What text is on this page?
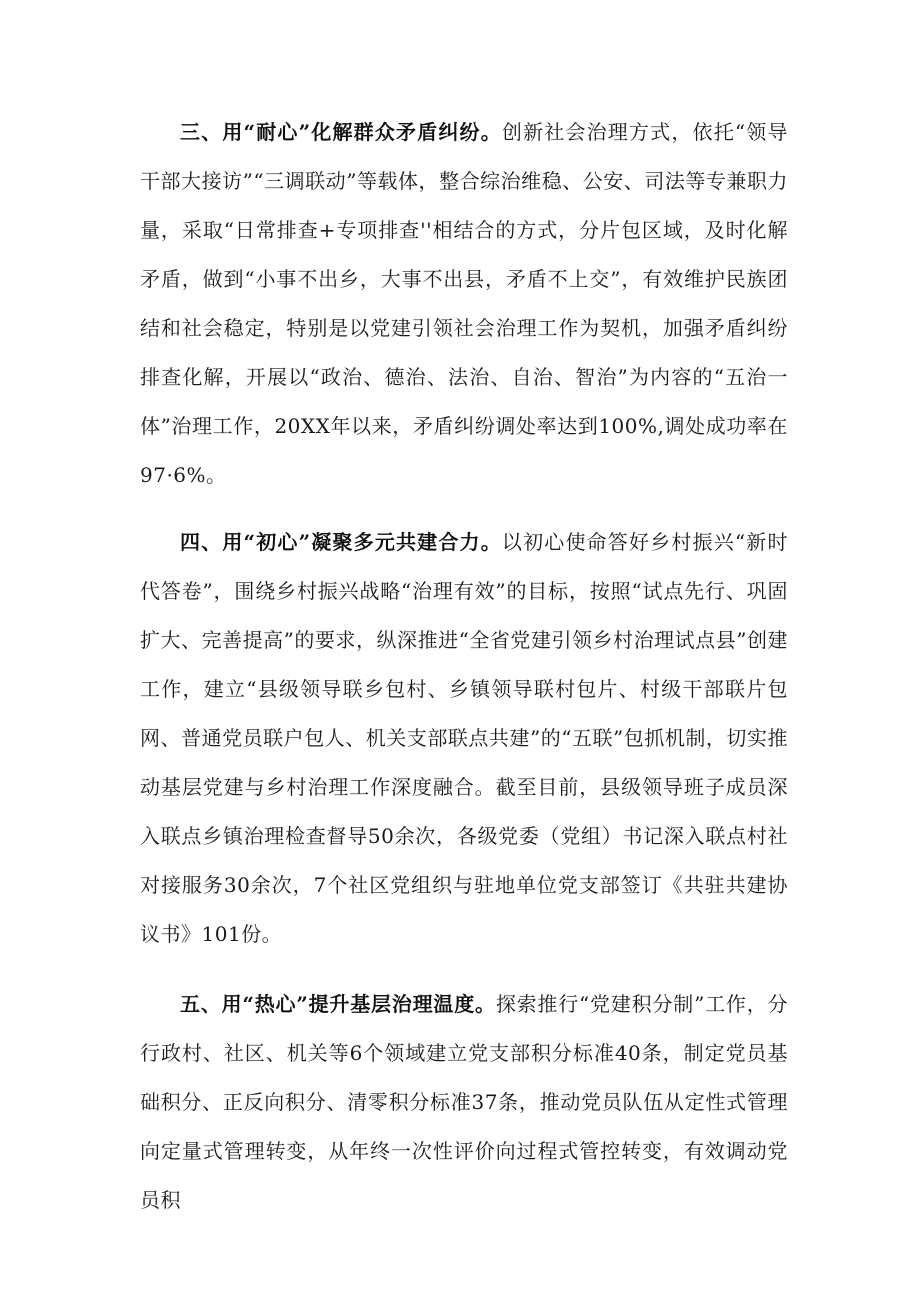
三、用“耐心”化解群众矛盾纠纷。创新社会治理方式，依托“领导干部大接访”“三调联动”等载体，整合综治维稳、公安、司法等专兼职力量，采取“日常排查+专项排查''相结合的方式，分片包区域，及时化解矛盾，做到“小事不出乡，大事不出县，矛盾不上交”，有效维护民族团结和社会稳定，特别是以党建引领社会治理工作为契机，加强矛盾纠纷排查化解，开展以“政治、德治、法治、自治、智治”为内容的“五治一体”治理工作，20XX年以来，矛盾纠纷调处率达到100%,调处成功率在97·6%。

四、用“初心”凝聚多元共建合力。以初心使命答好乡村振兴“新时代答卷”，围绕乡村振兴战略“治理有效”的目标，按照“试点先行、巩固扩大、完善提高”的要求，纵深推进“全省党建引领乡村治理试点县”创建工作，建立“县级领导联乡包村、乡镇领导联村包片、村级干部联片包网、普通党员联户包人、机关支部联点共建”的“五联”包抓机制，切实推动基层党建与乡村治理工作深度融合。截至目前，县级领导班子成员深入联点乡镇治理检查督导50余次，各级党委（党组）书记深入联点村社对接服务30余次，7个社区党组织与驻地单位党支部签订《共驻共建协议书》101份。

五、用“热心”提升基层治理温度。探索推行“党建积分制”工作，分行政村、社区、机关等6个领域建立党支部积分标准40条，制定党员基础积分、正反向积分、清零积分标准37条，推动党员队伍从定性式管理向定量式管理转变，从年终一次性评价向过程式管控转变，有效调动党员积
